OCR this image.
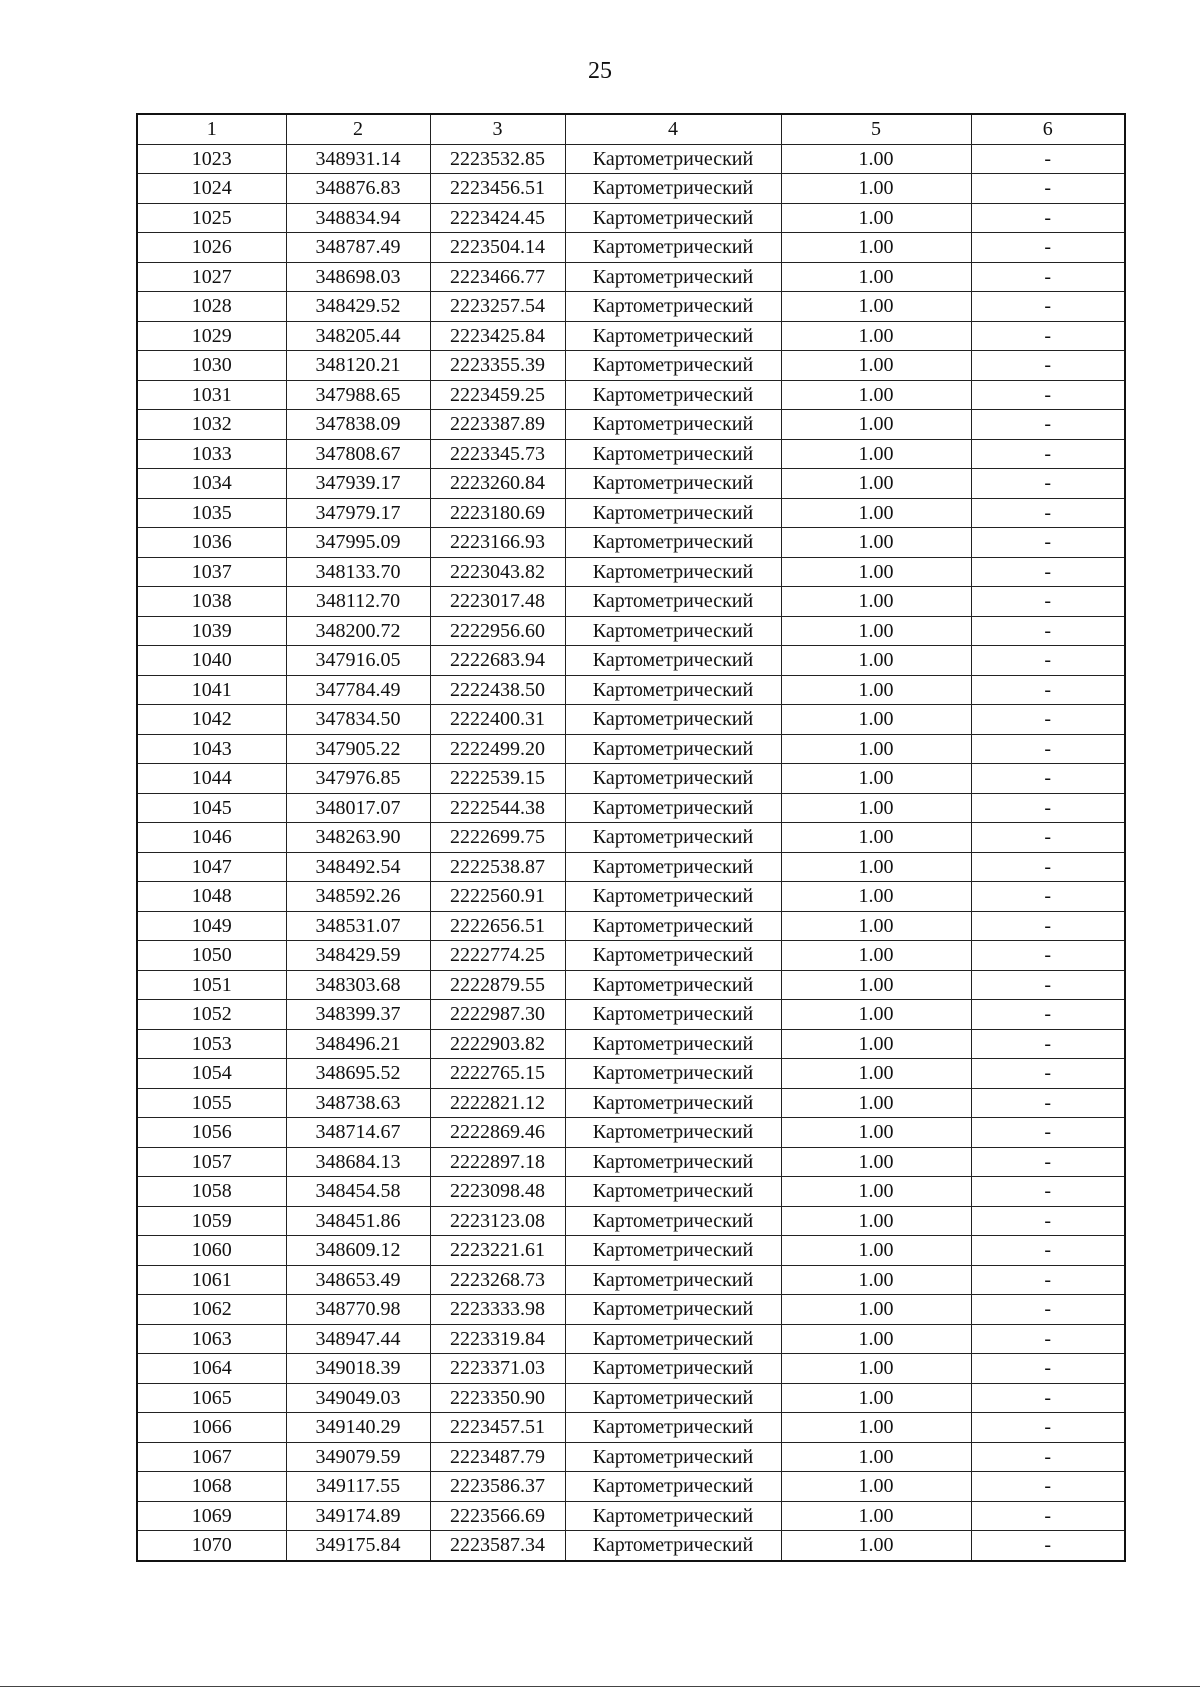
25
1	2	3	4	5	6
1023	348931.14	2223532.85	Картометрический	1.00	-
1024	348876.83	2223456.51	Картометрический	1.00	-
1025	348834.94	2223424.45	Картометрический	1.00	-
1026	348787.49	2223504.14	Картометрический	1.00	-
1027	348698.03	2223466.77	Картометрический	1.00	-
1028	348429.52	2223257.54	Картометрический	1.00	-
1029	348205.44	2223425.84	Картометрический	1.00	-
1030	348120.21	2223355.39	Картометрический	1.00	-
1031	347988.65	2223459.25	Картометрический	1.00	-
1032	347838.09	2223387.89	Картометрический	1.00	-
1033	347808.67	2223345.73	Картометрический	1.00	-
1034	347939.17	2223260.84	Картометрический	1.00	-
1035	347979.17	2223180.69	Картометрический	1.00	-
1036	347995.09	2223166.93	Картометрический	1.00	-
1037	348133.70	2223043.82	Картометрический	1.00	-
1038	348112.70	2223017.48	Картометрический	1.00	-
1039	348200.72	2222956.60	Картометрический	1.00	-
1040	347916.05	2222683.94	Картометрический	1.00	-
1041	347784.49	2222438.50	Картометрический	1.00	-
1042	347834.50	2222400.31	Картометрический	1.00	-
1043	347905.22	2222499.20	Картометрический	1.00	-
1044	347976.85	2222539.15	Картометрический	1.00	-
1045	348017.07	2222544.38	Картометрический	1.00	-
1046	348263.90	2222699.75	Картометрический	1.00	-
1047	348492.54	2222538.87	Картометрический	1.00	-
1048	348592.26	2222560.91	Картометрический	1.00	-
1049	348531.07	2222656.51	Картометрический	1.00	-
1050	348429.59	2222774.25	Картометрический	1.00	-
1051	348303.68	2222879.55	Картометрический	1.00	-
1052	348399.37	2222987.30	Картометрический	1.00	-
1053	348496.21	2222903.82	Картометрический	1.00	-
1054	348695.52	2222765.15	Картометрический	1.00	-
1055	348738.63	2222821.12	Картометрический	1.00	-
1056	348714.67	2222869.46	Картометрический	1.00	-
1057	348684.13	2222897.18	Картометрический	1.00	-
1058	348454.58	2223098.48	Картометрический	1.00	-
1059	348451.86	2223123.08	Картометрический	1.00	-
1060	348609.12	2223221.61	Картометрический	1.00	-
1061	348653.49	2223268.73	Картометрический	1.00	-
1062	348770.98	2223333.98	Картометрический	1.00	-
1063	348947.44	2223319.84	Картометрический	1.00	-
1064	349018.39	2223371.03	Картометрический	1.00	-
1065	349049.03	2223350.90	Картометрический	1.00	-
1066	349140.29	2223457.51	Картометрический	1.00	-
1067	349079.59	2223487.79	Картометрический	1.00	-
1068	349117.55	2223586.37	Картометрический	1.00	-
1069	349174.89	2223566.69	Картометрический	1.00	-
1070	349175.84	2223587.34	Картометрический	1.00	-
